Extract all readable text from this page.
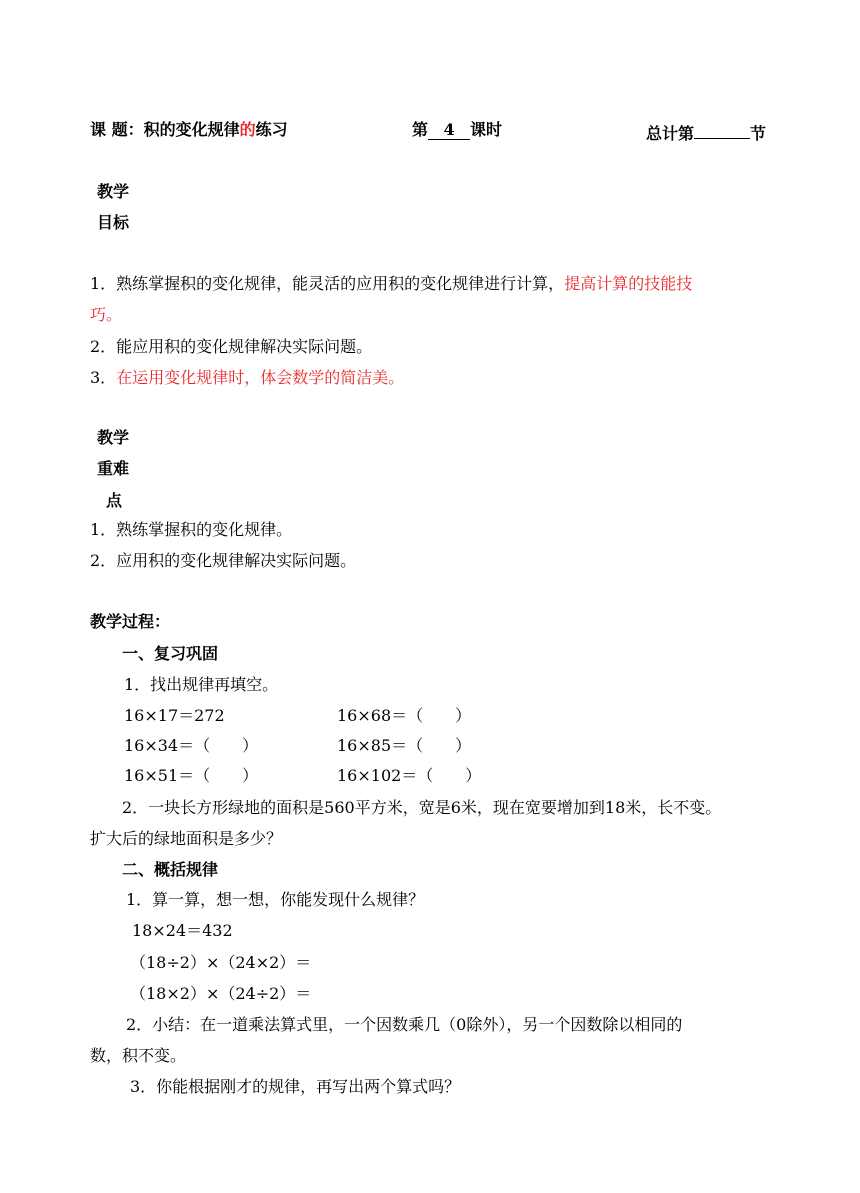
课 题：积的变化规律的练习	第 4 课时	总计第	节
教学
目标
1．熟练掌握积的变化规律，能灵活的应用积的变化规律进行计算，提高计算的技能技
巧。
2．能应用积的变化规律解决实际问题。
3．在运用变化规律时，体会数学的简洁美。
教学
重难
点
1．熟练掌握积的变化规律。
2．应用积的变化规律解决实际问题。
教学过程：
一、复习巩固
1．找出规律再填空。
16×17＝272	16×68＝（　　）
16×34＝（　　）	16×85＝（　　）
16×51＝（　　）	16×102＝（　　）
2．一块长方形绿地的面积是560平方米，宽是6米，现在宽要增加到18米，长不变。
扩大后的绿地面积是多少？
二、概括规律
1．算一算，想一想，你能发现什么规律？
18×24＝432
（18÷2）×（24×2）＝
（18×2）×（24÷2）＝
2．小结：在一道乘法算式里，一个因数乘几（0除外），另一个因数除以相同的
数，积不变。
3．你能根据刚才的规律，再写出两个算式吗？
